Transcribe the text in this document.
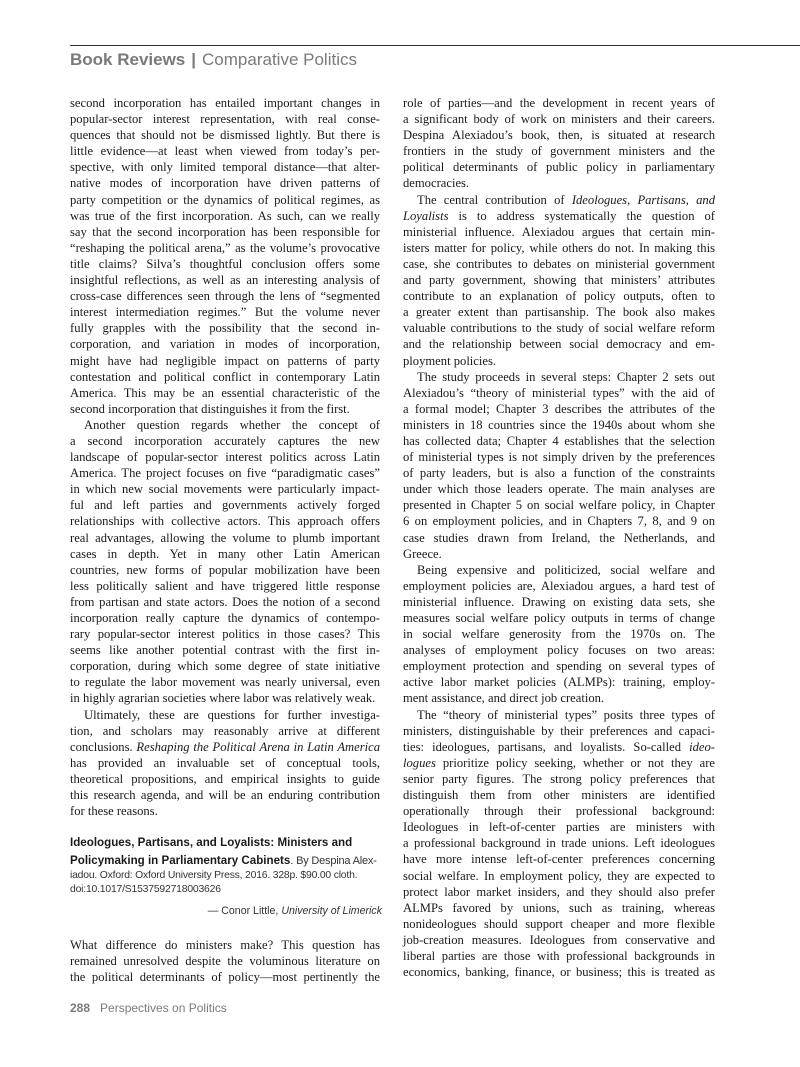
Book Reviews | Comparative Politics
second incorporation has entailed important changes in
popular-sector interest representation, with real conse-
quences that should not be dismissed lightly. But there is
little evidence—at least when viewed from today’s per-
spective, with only limited temporal distance—that alter-
native modes of incorporation have driven patterns of
party competition or the dynamics of political regimes, as
was true of the first incorporation. As such, can we really
say that the second incorporation has been responsible for
“reshaping the political arena,” as the volume’s provocative
title claims? Silva’s thoughtful conclusion offers some
insightful reflections, as well as an interesting analysis of
cross-case differences seen through the lens of “segmented
interest intermediation regimes.” But the volume never
fully grapples with the possibility that the second in-
corporation, and variation in modes of incorporation,
might have had negligible impact on patterns of party
contestation and political conflict in contemporary Latin
America. This may be an essential characteristic of the
second incorporation that distinguishes it from the first.
Another question regards whether the concept of
a second incorporation accurately captures the new
landscape of popular-sector interest politics across Latin
America. The project focuses on five “paradigmatic cases”
in which new social movements were particularly impact-
ful and left parties and governments actively forged
relationships with collective actors. This approach offers
real advantages, allowing the volume to plumb important
cases in depth. Yet in many other Latin American
countries, new forms of popular mobilization have been
less politically salient and have triggered little response
from partisan and state actors. Does the notion of a second
incorporation really capture the dynamics of contempo-
rary popular-sector interest politics in those cases? This
seems like another potential contrast with the first in-
corporation, during which some degree of state initiative
to regulate the labor movement was nearly universal, even
in highly agrarian societies where labor was relatively weak.
Ultimately, these are questions for further investiga-
tion, and scholars may reasonably arrive at different
conclusions. Reshaping the Political Arena in Latin America
has provided an invaluable set of conceptual tools,
theoretical propositions, and empirical insights to guide
this research agenda, and will be an enduring contribution
for these reasons.
Ideologues, Partisans, and Loyalists: Ministers and
Policymaking in Parliamentary Cabinets. By Despina Alex-
iadou. Oxford: Oxford University Press, 2016. 328p. $90.00 cloth.
doi:10.1017/S1537592718003626
— Conor Little, University of Limerick
What difference do ministers make? This question has
remained unresolved despite the voluminous literature on
the political determinants of policy—most pertinently the
role of parties—and the development in recent years of
a significant body of work on ministers and their careers.
Despina Alexiadou’s book, then, is situated at research
frontiers in the study of government ministers and the
political determinants of public policy in parliamentary
democracies.
The central contribution of Ideologues, Partisans, and
Loyalists is to address systematically the question of
ministerial influence. Alexiadou argues that certain min-
isters matter for policy, while others do not. In making this
case, she contributes to debates on ministerial government
and party government, showing that ministers’ attributes
contribute to an explanation of policy outputs, often to
a greater extent than partisanship. The book also makes
valuable contributions to the study of social welfare reform
and the relationship between social democracy and em-
ployment policies.
The study proceeds in several steps: Chapter 2 sets out
Alexiadou’s “theory of ministerial types” with the aid of
a formal model; Chapter 3 describes the attributes of the
ministers in 18 countries since the 1940s about whom she
has collected data; Chapter 4 establishes that the selection
of ministerial types is not simply driven by the preferences
of party leaders, but is also a function of the constraints
under which those leaders operate. The main analyses are
presented in Chapter 5 on social welfare policy, in Chapter
6 on employment policies, and in Chapters 7, 8, and 9 on
case studies drawn from Ireland, the Netherlands, and
Greece.
Being expensive and politicized, social welfare and
employment policies are, Alexiadou argues, a hard test of
ministerial influence. Drawing on existing data sets, she
measures social welfare policy outputs in terms of change
in social welfare generosity from the 1970s on. The
analyses of employment policy focuses on two areas:
employment protection and spending on several types of
active labor market policies (ALMPs): training, employ-
ment assistance, and direct job creation.
The “theory of ministerial types” posits three types of
ministers, distinguishable by their preferences and capaci-
ties: ideologues, partisans, and loyalists. So-called ideo-
logues prioritize policy seeking, whether or not they are
senior party figures. The strong policy preferences that
distinguish them from other ministers are identified
operationally through their professional background:
Ideologues in left-of-center parties are ministers with
a professional background in trade unions. Left ideologues
have more intense left-of-center preferences concerning
social welfare. In employment policy, they are expected to
protect labor market insiders, and they should also prefer
ALMPs favored by unions, such as training, whereas
nonideologues should support cheaper and more flexible
job-creation measures. Ideologues from conservative and
liberal parties are those with professional backgrounds in
economics, banking, finance, or business; this is treated as
288 Perspectives on Politics
